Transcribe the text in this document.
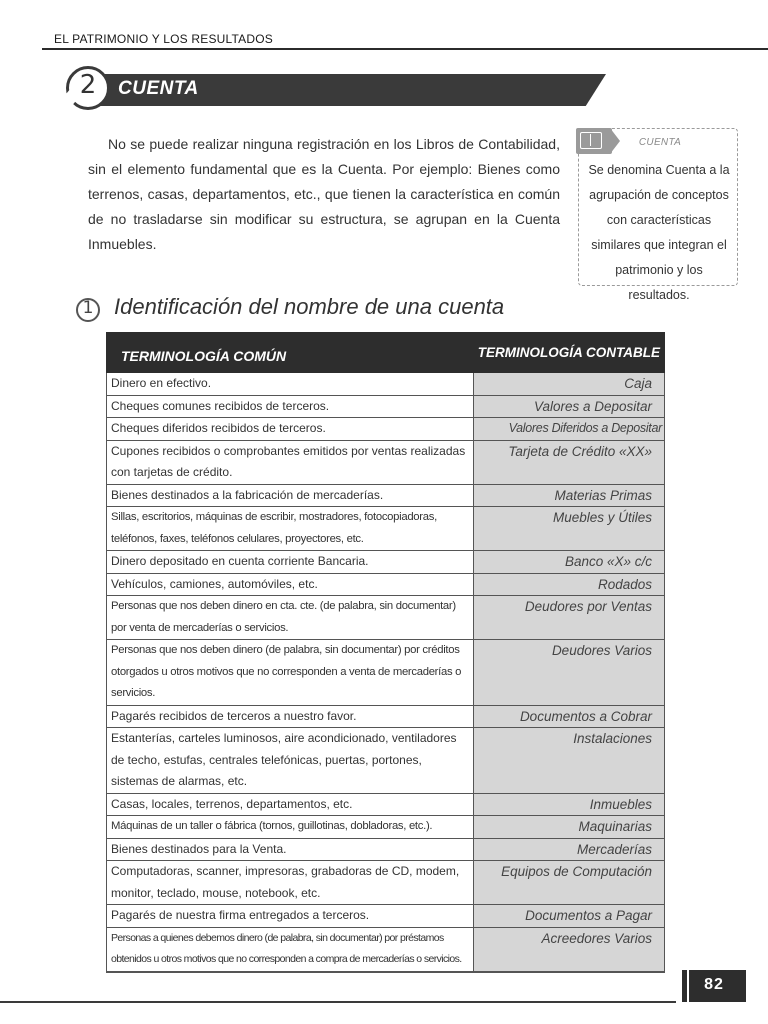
EL PATRIMONIO Y LOS RESULTADOS
CUENTA
2
No se puede realizar ninguna registración en los Libros de Contabilidad, sin el elemento fundamental que es la Cuenta. Por ejemplo: Bienes como terrenos, casas, departamentos, etc., que tienen la característica en común de no trasladarse sin modificar su estructura, se agrupan en la Cuenta Inmuebles.
CUENTA
Se denomina Cuenta a la agrupación de conceptos con características similares que integran el patrimonio y los resultados.
1 Identificación del nombre de una cuenta
TERMINOLOGÍA COMÚN	TERMINOLOGÍA CONTABLE
Dinero en efectivo.	Caja
Cheques comunes recibidos de terceros.	Valores a Depositar
Cheques diferidos recibidos de terceros.	Valores Diferidos a Depositar
Cupones recibidos o comprobantes emitidos por ventas realizadas con tarjetas de crédito.	Tarjeta de Crédito «XX»
Bienes destinados a la fabricación de mercaderías.	Materias Primas
Sillas, escritorios, máquinas de escribir, mostradores, fotocopiadoras, teléfonos, faxes, teléfonos celulares, proyectores, etc.	Muebles y Útiles
Dinero depositado en cuenta corriente Bancaria.	Banco «X» c/c
Vehículos, camiones, automóviles, etc.	Rodados
Personas que nos deben dinero en cta. cte. (de palabra, sin documentar) por venta de mercaderías o servicios.	Deudores por Ventas
Personas que nos deben dinero (de palabra, sin documentar) por créditos otorgados u otros motivos que no corresponden a venta de mercaderías o servicios.	Deudores Varios
Pagarés recibidos de terceros a nuestro favor.	Documentos a Cobrar
Estanterías, carteles luminosos, aire acondicionado, ventiladores de techo, estufas, centrales telefónicas, puertas, portones, sistemas de alarmas, etc.	Instalaciones
Casas, locales, terrenos, departamentos, etc.	Inmuebles
Máquinas de un taller o fábrica (tornos, guillotinas, dobladoras, etc.).	Maquinarias
Bienes destinados para la Venta.	Mercaderías
Computadoras, scanner, impresoras, grabadoras de CD, modem, monitor, teclado, mouse, notebook, etc.	Equipos de Computación
Pagarés de nuestra firma entregados a terceros.	Documentos a Pagar
Personas a quienes debemos dinero (de palabra, sin documentar) por préstamos obtenidos u otros motivos que no corresponden a compra de mercaderías o servicios.	Acreedores Varios
82
